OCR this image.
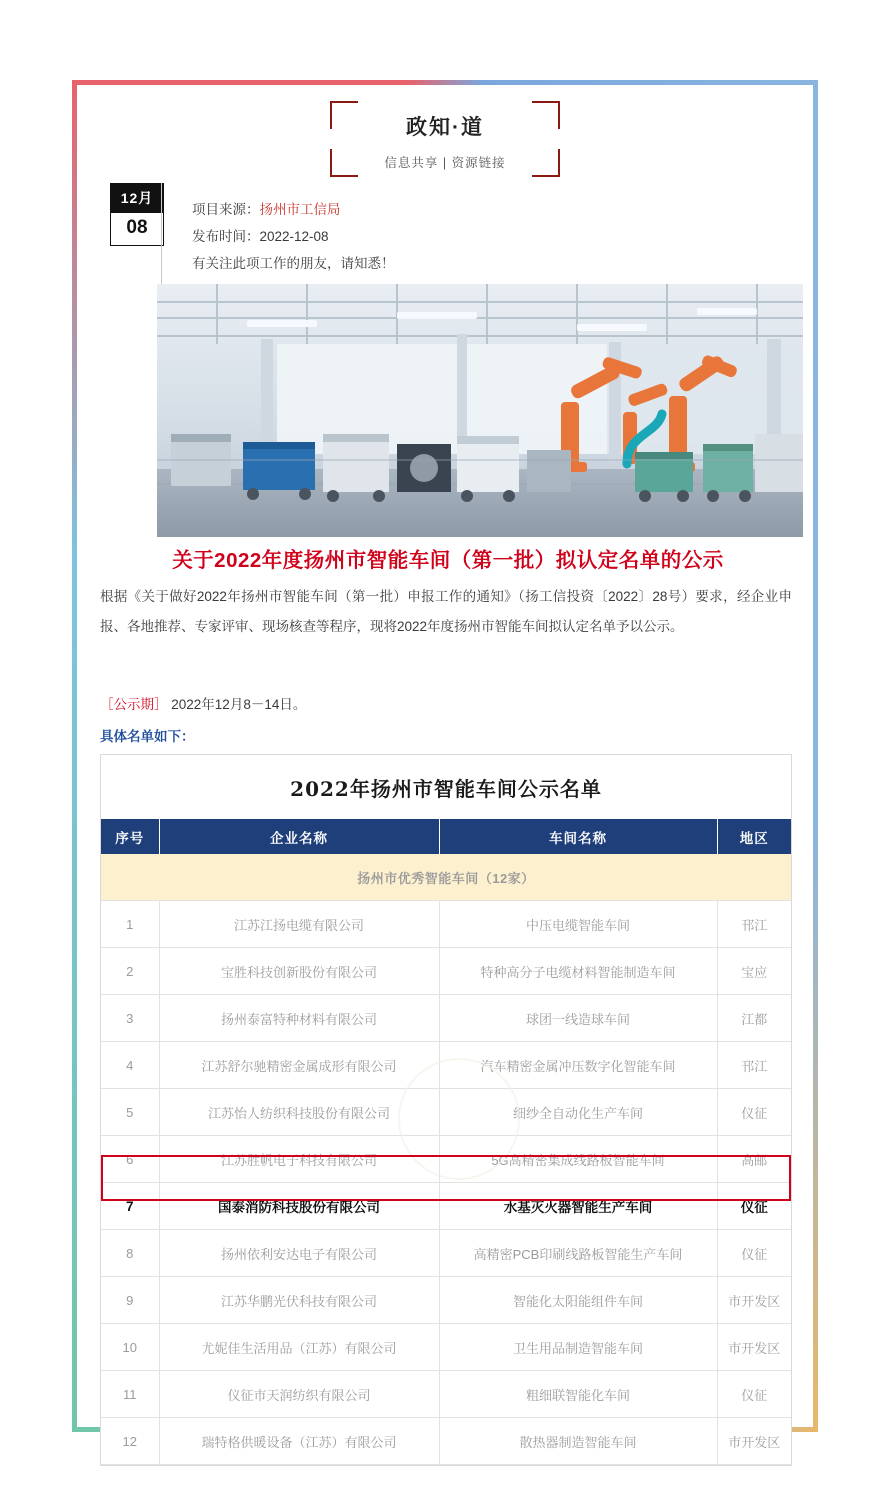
政知·道
信息共享 | 资源链接
12月
08
项目来源：扬州市工信局
发布时间：2022-12-08
有关注此项工作的朋友，请知悉！
关于2022年度扬州市智能车间（第一批）拟认定名单的公示
根据《关于做好2022年扬州市智能车间（第一批）申报工作的通知》（扬工信投资〔2022〕28号）要求，经企业申报、各地推荐、专家评审、现场核查等程序，现将2022年度扬州市智能车间拟认定名单予以公示。
［公示期］ 2022年12月8－14日。
具体名单如下：
2022年扬州市智能车间公示名单
序号	企业名称	车间名称	地区
扬州市优秀智能车间（12家）			
1	江苏江扬电缆有限公司	中压电缆智能车间	邗江
2	宝胜科技创新股份有限公司	特种高分子电缆材料智能制造车间	宝应
3	扬州泰富特种材料有限公司	球团一线造球车间	江都
4	江苏舒尔驰精密金属成形有限公司	汽车精密金属冲压数字化智能车间	邗江
5	江苏怡人纺织科技股份有限公司	细纱全自动化生产车间	仪征
6	江苏胜帆电子科技有限公司	5G高精密集成线路板智能车间	高邮
7	国泰消防科技股份有限公司	水基灭火器智能生产车间	仪征
8	扬州依利安达电子有限公司	高精密PCB印刷线路板智能生产车间	仪征
9	江苏华鹏光伏科技有限公司	智能化太阳能组件车间	市开发区
10	尤妮佳生活用品（江苏）有限公司	卫生用品制造智能车间	市开发区
11	仪征市天润纺织有限公司	粗细联智能化车间	仪征
12	瑞特格供暖设备（江苏）有限公司	散热器制造智能车间	市开发区
